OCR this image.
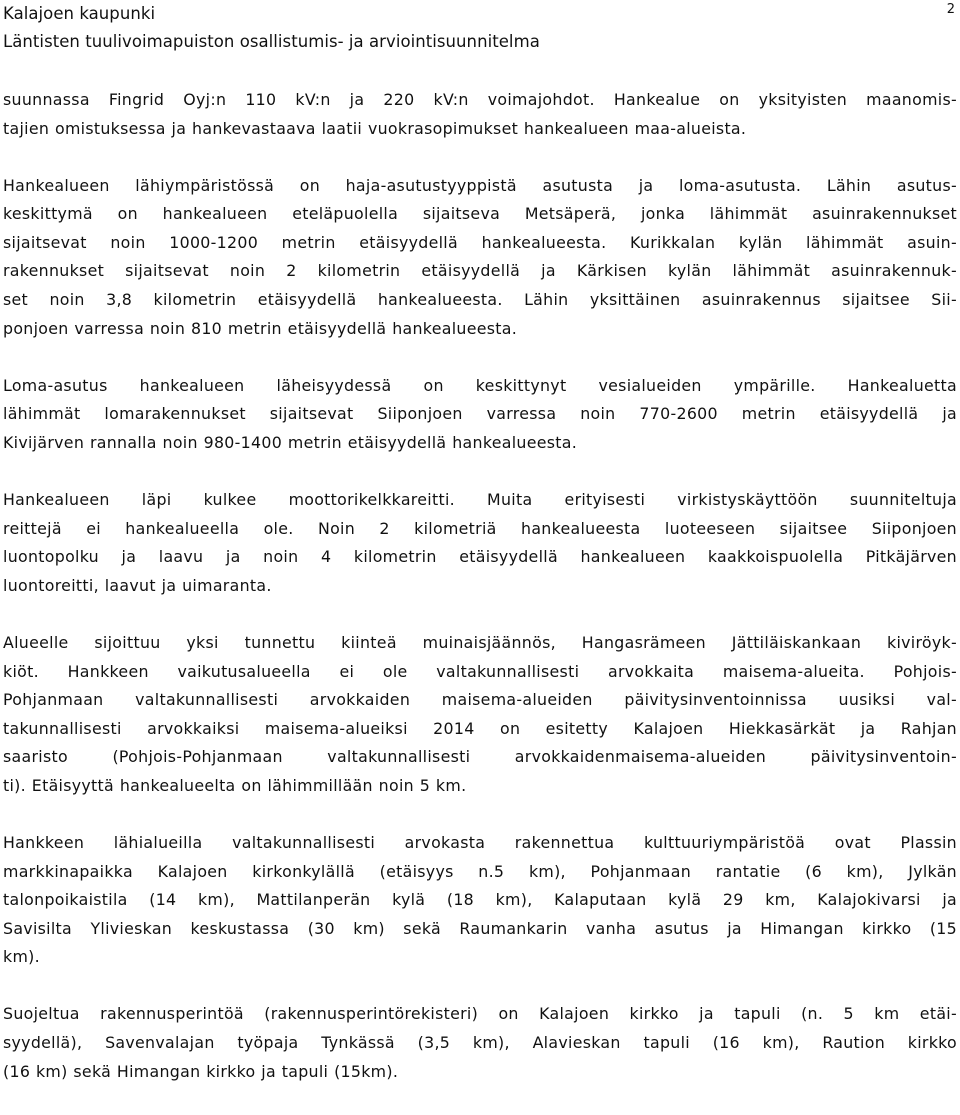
Kalajoen kaupunki
Läntisten tuulivoimapuiston osallistumis- ja arviointisuunnitelma
2
suunnassa Fingrid Oyj:n 110 kV:n ja 220 kV:n voimajohdot. Hankealue on yksityisten maanomis-
tajien omistuksessa ja hankevastaava laatii vuokrasopimukset hankealueen maa-alueista.
Hankealueen lähiympäristössä on haja-asutustyyppistä asutusta ja loma-asutusta. Lähin asutus-
keskittymä on hankealueen eteläpuolella sijaitseva Metsäperä, jonka lähimmät asuinrakennukset
sijaitsevat noin 1000-1200 metrin etäisyydellä hankealueesta. Kurikkalan kylän lähimmät asuin-
rakennukset sijaitsevat noin 2 kilometrin etäisyydellä ja Kärkisen kylän lähimmät asuinrakennuk-
set noin 3,8 kilometrin etäisyydellä hankealueesta. Lähin yksittäinen asuinrakennus sijaitsee Sii-
ponjoen varressa noin 810 metrin etäisyydellä hankealueesta.
Loma-asutus hankealueen läheisyydessä on keskittynyt vesialueiden ympärille. Hankealuetta
lähimmät lomarakennukset sijaitsevat Siiponjoen varressa noin 770-2600 metrin etäisyydellä ja
Kivijärven rannalla noin 980-1400 metrin etäisyydellä hankealueesta.
Hankealueen läpi kulkee moottorikelkkareitti. Muita erityisesti virkistyskäyttöön suunniteltuja
reittejä ei hankealueella ole. Noin 2 kilometriä hankealueesta luoteeseen sijaitsee Siiponjoen
luontopolku ja laavu ja noin 4 kilometrin etäisyydellä hankealueen kaakkoispuolella Pitkäjärven
luontoreitti, laavut ja uimaranta.
Alueelle sijoittuu yksi tunnettu kiinteä muinaisjäännös, Hangasrämeen Jättiläiskankaan kiviröyk-
kiöt. Hankkeen vaikutusalueella ei ole valtakunnallisesti arvokkaita maisema-alueita. Pohjois-
Pohjanmaan valtakunnallisesti arvokkaiden maisema-alueiden päivitysinventoinnissa uusiksi val-
takunnallisesti arvokkaiksi maisema-alueiksi 2014 on esitetty Kalajoen Hiekkasärkät ja Rahjan
saaristo (Pohjois-Pohjanmaan valtakunnallisesti arvokkaidenmaisema-alueiden päivitysinventoin-
ti). Etäisyyttä hankealueelta on lähimmillään noin 5 km.
Hankkeen lähialueilla valtakunnallisesti arvokasta rakennettua kulttuuriympäristöä ovat Plassin
markkinapaikka Kalajoen kirkonkylällä (etäisyys n.5 km), Pohjanmaan rantatie (6 km), Jylkän
talonpoikaistila (14 km), Mattilanperän kylä (18 km), Kalaputaan kylä 29 km, Kalajokivarsi ja
Savisilta Ylivieskan keskustassa (30 km) sekä Raumankarin vanha asutus ja Himangan kirkko (15
km).
Suojeltua rakennusperintöä (rakennusperintörekisteri) on Kalajoen kirkko ja tapuli (n. 5 km etäi-
syydellä), Savenvalajan työpaja Tynkässä (3,5 km), Alavieskan tapuli (16 km), Raution kirkko
(16 km) sekä Himangan kirkko ja tapuli (15km).
